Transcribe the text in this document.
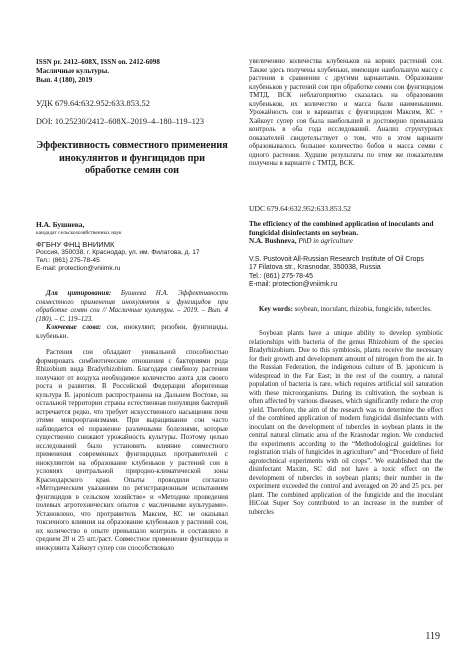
ISSN pr. 2412–608X, ISSN on. 2412-6098
Масличные культуры.
Вып. 4 (180), 2019
УДК 679.64:632.952:633.853.52
DOI: 10.25230/2412–608X–2019–4–180–119–123
Эффективность совместного применения инокулянтов и фунгицидов при обработке семян сои
Н.А. Бушнева,
кандидат сельскохозяйственных наук
ФГБНУ ФНЦ ВНИИМК
Россия, 350038, г. Краснодар, ул. им. Филатова, д. 17
Тел.: (861) 275-78-45
E-mail: protection@vniimk.ru
Для цитирования: Бушнева Н.А. Эффективность совместного применения инокулянтов и фунгицидов при обработке семян сои // Масличные культуры. – 2019. – Вып. 4 (180). – С. 119–123.
Ключевые слова: соя, инокулянт, ризобии, фунгициды, клубеньки.
Растения сои обладают уникальной способностью формировать симбиотические отношения с бактериями рода Rhizobium вида Bradyrhizobium. Благодаря симбиозу растения получают от воздуха необходимое количество азота для своего роста и развития. В Российской Федерации аборигенная культура B. japonicum распространена на Дальнем Востоке, на остальной территории страны естественная популяция бактерий встречается редко, что требует искусственного насыщения почв этими микроорганизмами. При выращивании сои часто наблюдается её поражение различными болезнями, которые существенно снижают урожайность культуры. Поэтому целью исследований было установить влияние совместного применения современных фунгицидных протравителей с инокулянтом на образование клубеньков у растений сои в условиях центральной природно-климатической зоны Краснодарского края. Опыты проводили согласно «Методическим указаниям по регистрационным испытаниям фунгицидов в сельском хозяйстве» и «Методике проведения полевых агротехнических опытов с масличными культурами». Установлено, что протравитель Максим, КС не оказывал токсичного влияния на образование клубеньков у растений сои, их количество в опыте превышало контроль и составляло в среднем 20 и 25 шт./раст. Совместное применение фунгицида и инокулянта Хайкоут супер сои способствовало
увеличению количества клубеньков на корнях растений сои. Также здесь получены клубеньки, имеющие наибольшую массу с растения в сравнении с другими вариантами. Образование клубеньков у растений сои при обработке семян сои фунгицидом ТМТД, ВСК неблагоприятно сказалась на образовании клубеньков, их количество и масса были наименьшими. Урожайность сои в вариантах с фунгицидом Максим, КС + Хайкоут супер соя была наибольшей и достоверно превышала контроль в оба года исследований. Анализ структурных показателей свидетельствует о том, что в этом варианте образовывалось большее количество бобов и масса семян с одного растения. Худшие результаты по этим же показателям получены в варианте с ТМТД, ВСК.
UDC 679.64:632.952:633.853.52
The efficiency of the combined application of inoculants and fungicidal disinfectants on soybean.
N.A. Bushneva, PhD in agriculture
V.S. Pustovoit All-Russian Research Institute of Oil Crops
17 Filatova str., Krasnodar, 350038, Russia
Tel.: (861) 275-78-45
E-mail: protection@vniimk.ru
Key words: soybean, inoculant, rhizobia, fungicide, tubercles.
Soybean plants have a unique ability to develop symbiotic relationships with bacteria of the genus Rhizobium of the species Bradyrhizobium. Due to this symbiosis, plants receive the necessary for their growth and development amount of nitrogen from the air. In the Russian Federation, the indigenous culture of B. japonicum is widespread in the Far East; in the rest of the country, a natural population of bacteria is rare, which requires artificial soil saturation with these microorganisms. During its cultivation, the soybean is often affected by various diseases, which significantly reduce the crop yield. Therefore, the aim of the research was to determine the effect of the combined application of modern fungicidal disinfectants with inoculant on the development of tubercles in soybean plants in the central natural climatic area of the Krasnodar region. We conducted the experiments according to the “Methodological guidelines for registration trials of fungicides in agriculture” and “Procedure of field agrotechnical experiments with oil crops”. We established that the disinfectant Maxim, SC did not have a toxic effect on the development of tubercles in soybean plants; their number in the experiment exceeded the control and averaged on 20 and 25 pcs. per plant. The combined application of the fungicide and the inoculant HiCoat Super Soy contributed to an increase in the number of tubercles
119
